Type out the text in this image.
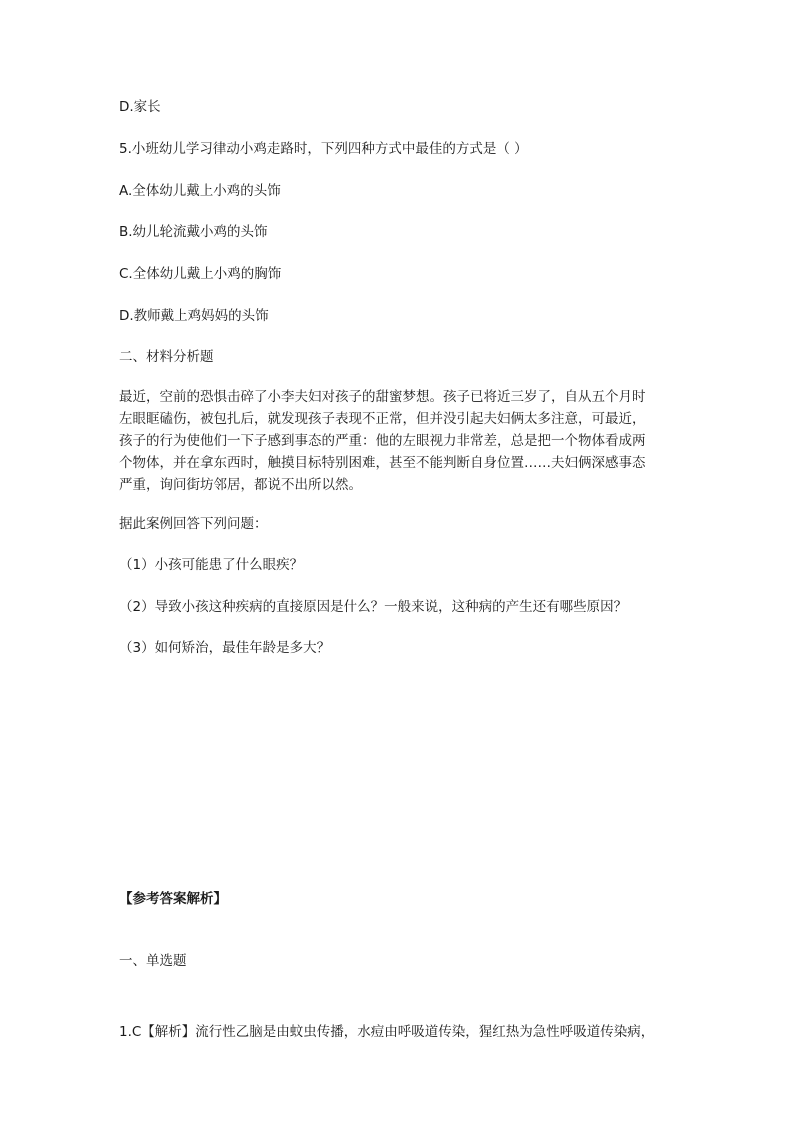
D.家长
5.小班幼儿学习律动小鸡走路时，下列四种方式中最佳的方式是（ ）
A.全体幼儿戴上小鸡的头饰
B.幼儿轮流戴小鸡的头饰
C.全体幼儿戴上小鸡的胸饰
D.教师戴上鸡妈妈的头饰
二、材料分析题
最近，空前的恐惧击碎了小李夫妇对孩子的甜蜜梦想。孩子已将近三岁了，自从五个月时
左眼眶磕伤，被包扎后，就发现孩子表现不正常，但并没引起夫妇俩太多注意，可最近，
孩子的行为使他们一下子感到事态的严重：他的左眼视力非常差，总是把一个物体看成两
个物体，并在拿东西时，触摸目标特别困难，甚至不能判断自身位置……夫妇俩深感事态
严重，询问街坊邻居，都说不出所以然。
据此案例回答下列问题：
（1）小孩可能患了什么眼疾？
（2）导致小孩这种疾病的直接原因是什么？一般来说，这种病的产生还有哪些原因？
（3）如何矫治，最佳年龄是多大？
【参考答案解析】
一、单选题
1.C【解析】流行性乙脑是由蚊虫传播，水痘由呼吸道传染，猩红热为急性呼吸道传染病，
